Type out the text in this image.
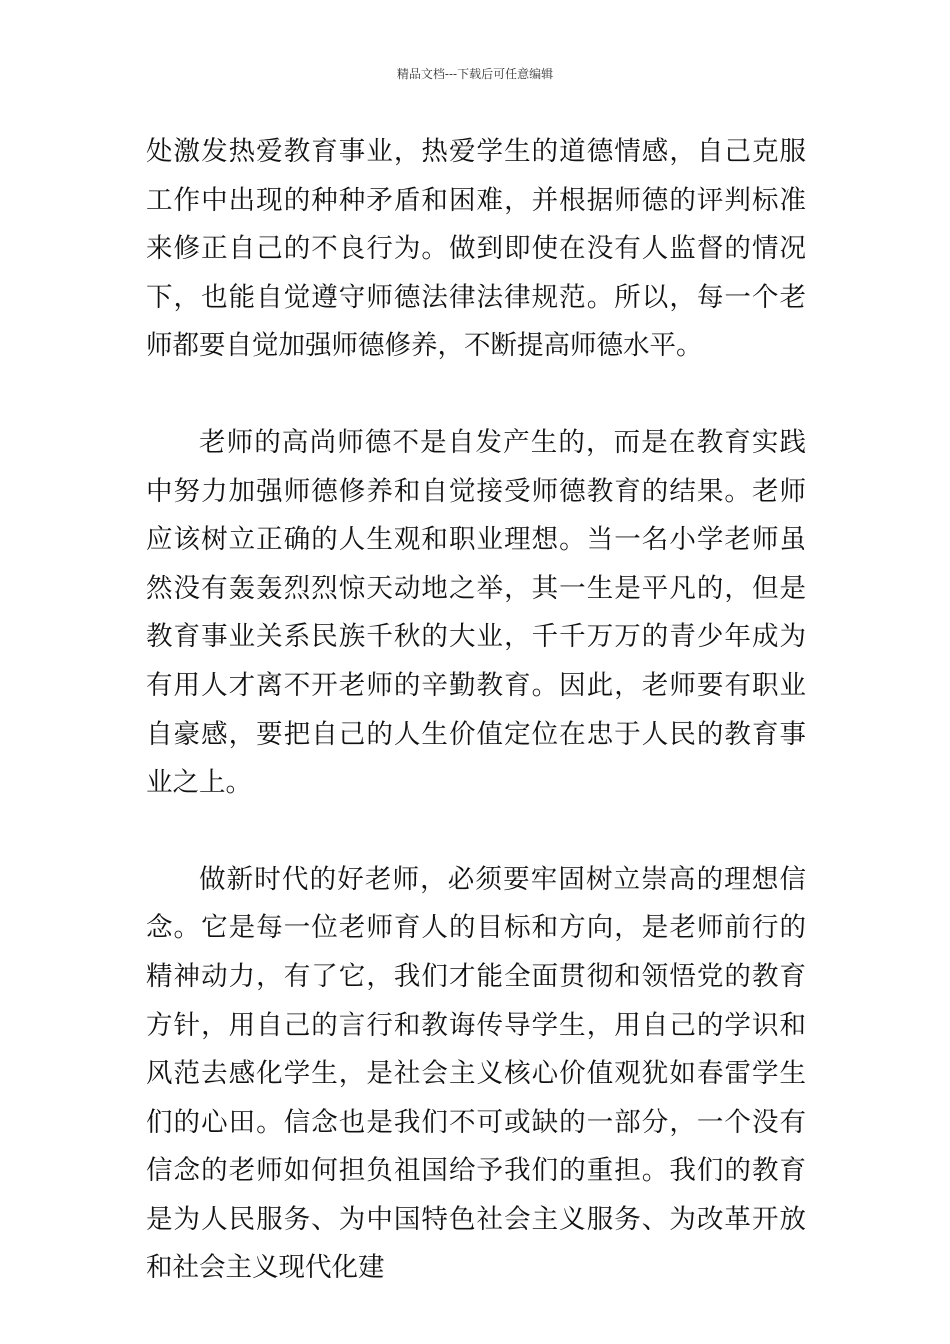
精品文档---下载后可任意编辑

处激发热爱教育事业，热爱学生的道德情感，自己克服工作中出现的种种矛盾和困难，并根据师德的评判标准来修正自己的不良行为。做到即使在没有人监督的情况下，也能自觉遵守师德法律法律规范。所以，每一个老师都要自觉加强师德修养，不断提高师德水平。

老师的高尚师德不是自发产生的，而是在教育实践中努力加强师德修养和自觉接受师德教育的结果。老师应该树立正确的人生观和职业理想。当一名小学老师虽然没有轰轰烈烈惊天动地之举，其一生是平凡的，但是教育事业关系民族千秋的大业，千千万万的青少年成为有用人才离不开老师的辛勤教育。因此，老师要有职业自豪感，要把自己的人生价值定位在忠于人民的教育事业之上。

做新时代的好老师，必须要牢固树立崇高的理想信念。它是每一位老师育人的目标和方向，是老师前行的精神动力，有了它，我们才能全面贯彻和领悟党的教育方针，用自己的言行和教诲传导学生，用自己的学识和风范去感化学生，是社会主义核心价值观犹如春雷学生们的心田。信念也是我们不可或缺的一部分，一个没有信念的老师如何担负祖国给予我们的重担。我们的教育是为人民服务、为中国特色社会主义服务、为改革开放和社会主义现代化建
